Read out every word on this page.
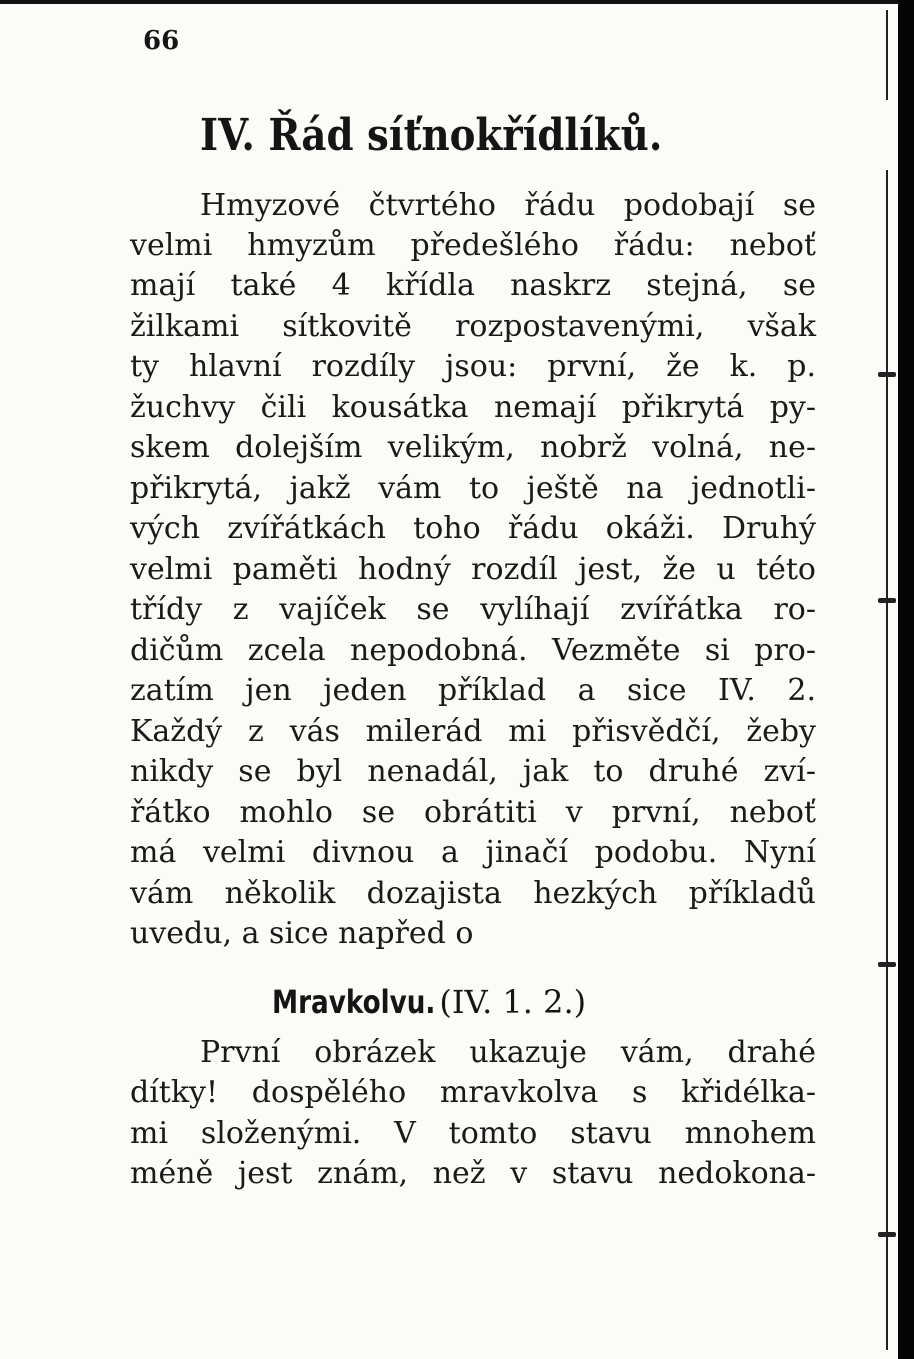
66
IV. Řád síťnokřídlíků.
Hmyzové čtvrtého řádu podobají se
velmi hmyzům předešlého řádu: neboť
mají také 4 křídla naskrz stejná, se
žilkami sítkovitě rozpostavenými, však
ty hlavní rozdíly jsou: první, že k. p.
žuchvy čili kousátka nemají přikrytá py-
skem dolejším velikým, nobrž volná, ne-
přikrytá, jakž vám to ještě na jednotli-
vých zvířátkách toho řádu okáži. Druhý
velmi paměti hodný rozdíl jest, že u této
třídy z vajíček se vylíhají zvířátka ro-
dičům zcela nepodobná. Vezměte si pro-
zatím jen jeden příklad a sice IV. 2.
Každý z vás milerád mi přisvědčí, žeby
nikdy se byl nenadál, jak to druhé zví-
řátko mohlo se obrátiti v první, neboť
má velmi divnou a jinačí podobu. Nyní
vám několik dozajista hezkých příkladů
uvedu, a sice napřed o
Mravkolvu. (IV. 1. 2.)
První obrázek ukazuje vám, drahé
dítky! dospělého mravkolva s křidélka-
mi složenými. V tomto stavu mnohem
méně jest znám, než v stavu nedokona-
